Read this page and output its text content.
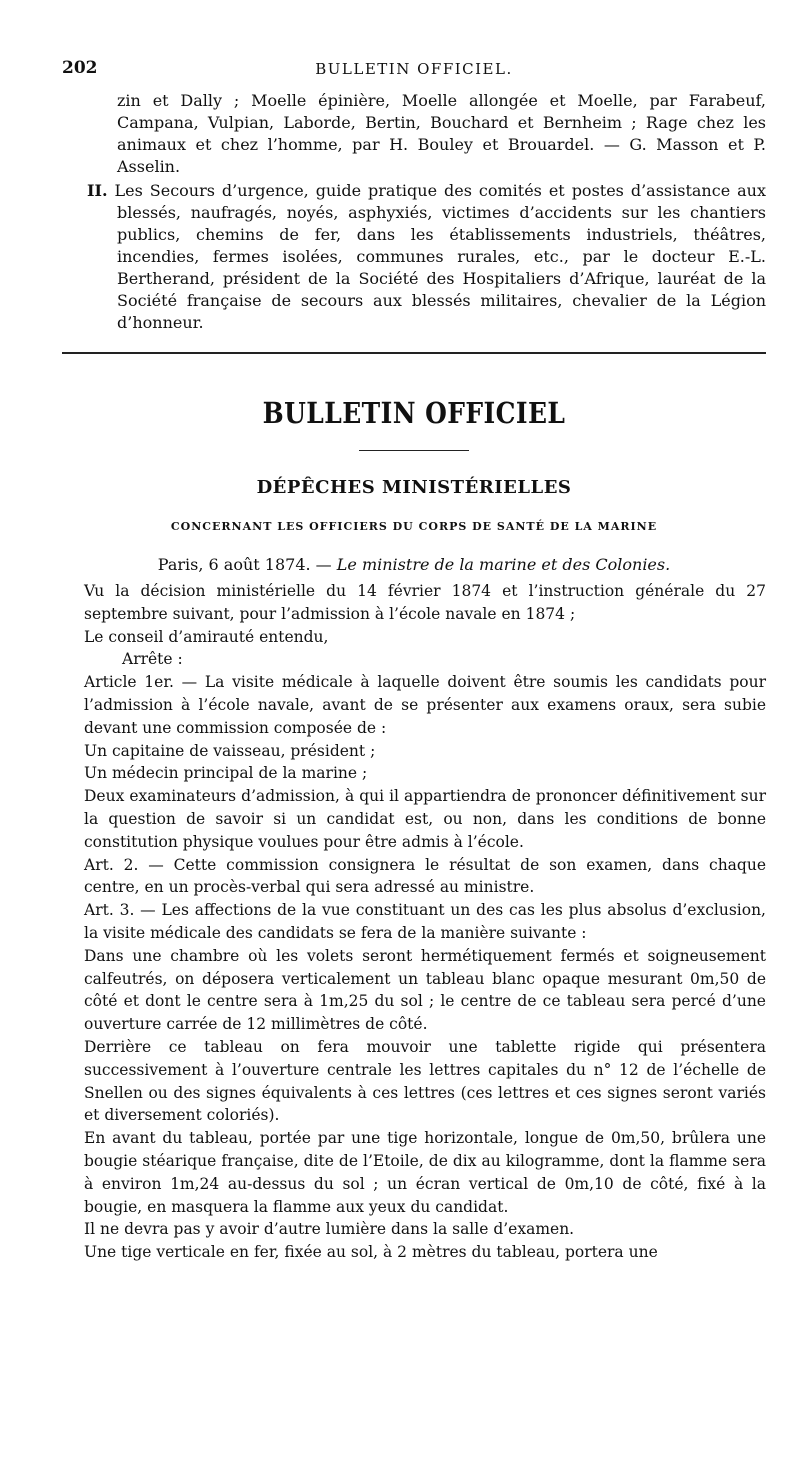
202	BULLETIN OFFICIEL.

zin et Dally ; Moelle épinière, Moelle allongée et Moelle, par Farabeuf, Campana, Vulpian, Laborde, Bertin, Bouchard et Bernheim ; Rage chez les animaux et chez l’homme, par H. Bouley et Brouardel. — G. Masson et P. Asselin.

II. Les Secours d’urgence, guide pratique des comités et postes d’assistance aux blessés, naufragés, noyés, asphyxiés, victimes d’accidents sur les chantiers publics, chemins de fer, dans les établissements industriels, théâtres, incendies, fermes isolées, communes rurales, etc., par le docteur E.-L. Bertherand, président de la Société des Hospitaliers d’Afrique, lauréat de la Société française de secours aux blessés militaires, chevalier de la Légion d’honneur.

BULLETIN OFFICIEL
DÉPÊCHES MINISTÉRIELLES
CONCERNANT LES OFFICIERS DU CORPS DE SANTÉ DE LA MARINE
Paris, 6 août 1874. — Le ministre de la marine et des Colonies.

Vu la décision ministérielle du 14 février 1874 et l’instruction générale du 27 septembre suivant, pour l’admission à l’école navale en 1874 ;

Le conseil d’amirauté entendu,

Arrête :

Article 1er. — La visite médicale à laquelle doivent être soumis les candidats pour l’admission à l’école navale, avant de se présenter aux examens oraux, sera subie devant une commission composée de :

Un capitaine de vaisseau, président ;

Un médecin principal de la marine ;

Deux examinateurs d’admission, à qui il appartiendra de prononcer définitivement sur la question de savoir si un candidat est, ou non, dans les conditions de bonne constitution physique voulues pour être admis à l’école.

Art. 2. — Cette commission consignera le résultat de son examen, dans chaque centre, en un procès-verbal qui sera adressé au ministre.

Art. 3. — Les affections de la vue constituant un des cas les plus absolus d’exclusion, la visite médicale des candidats se fera de la manière suivante :

Dans une chambre où les volets seront hermétiquement fermés et soigneusement calfeutrés, on déposera verticalement un tableau blanc opaque mesurant 0m,50 de côté et dont le centre sera à 1m,25 du sol ; le centre de ce tableau sera percé d’une ouverture carrée de 12 millimètres de côté.

Derrière ce tableau on fera mouvoir une tablette rigide qui présentera successivement à l’ouverture centrale les lettres capitales du n° 12 de l’échelle de Snellen ou des signes équivalents à ces lettres (ces lettres et ces signes seront variés et diversement coloriés).

En avant du tableau, portée par une tige horizontale, longue de 0m,50, brûlera une bougie stéarique française, dite de l’Etoile, de dix au kilogramme, dont la flamme sera à environ 1m,24 au-dessus du sol ; un écran vertical de 0m,10 de côté, fixé à la bougie, en masquera la flamme aux yeux du candidat.

Il ne devra pas y avoir d’autre lumière dans la salle d’examen.

Une tige verticale en fer, fixée au sol, à 2 mètres du tableau, portera une
